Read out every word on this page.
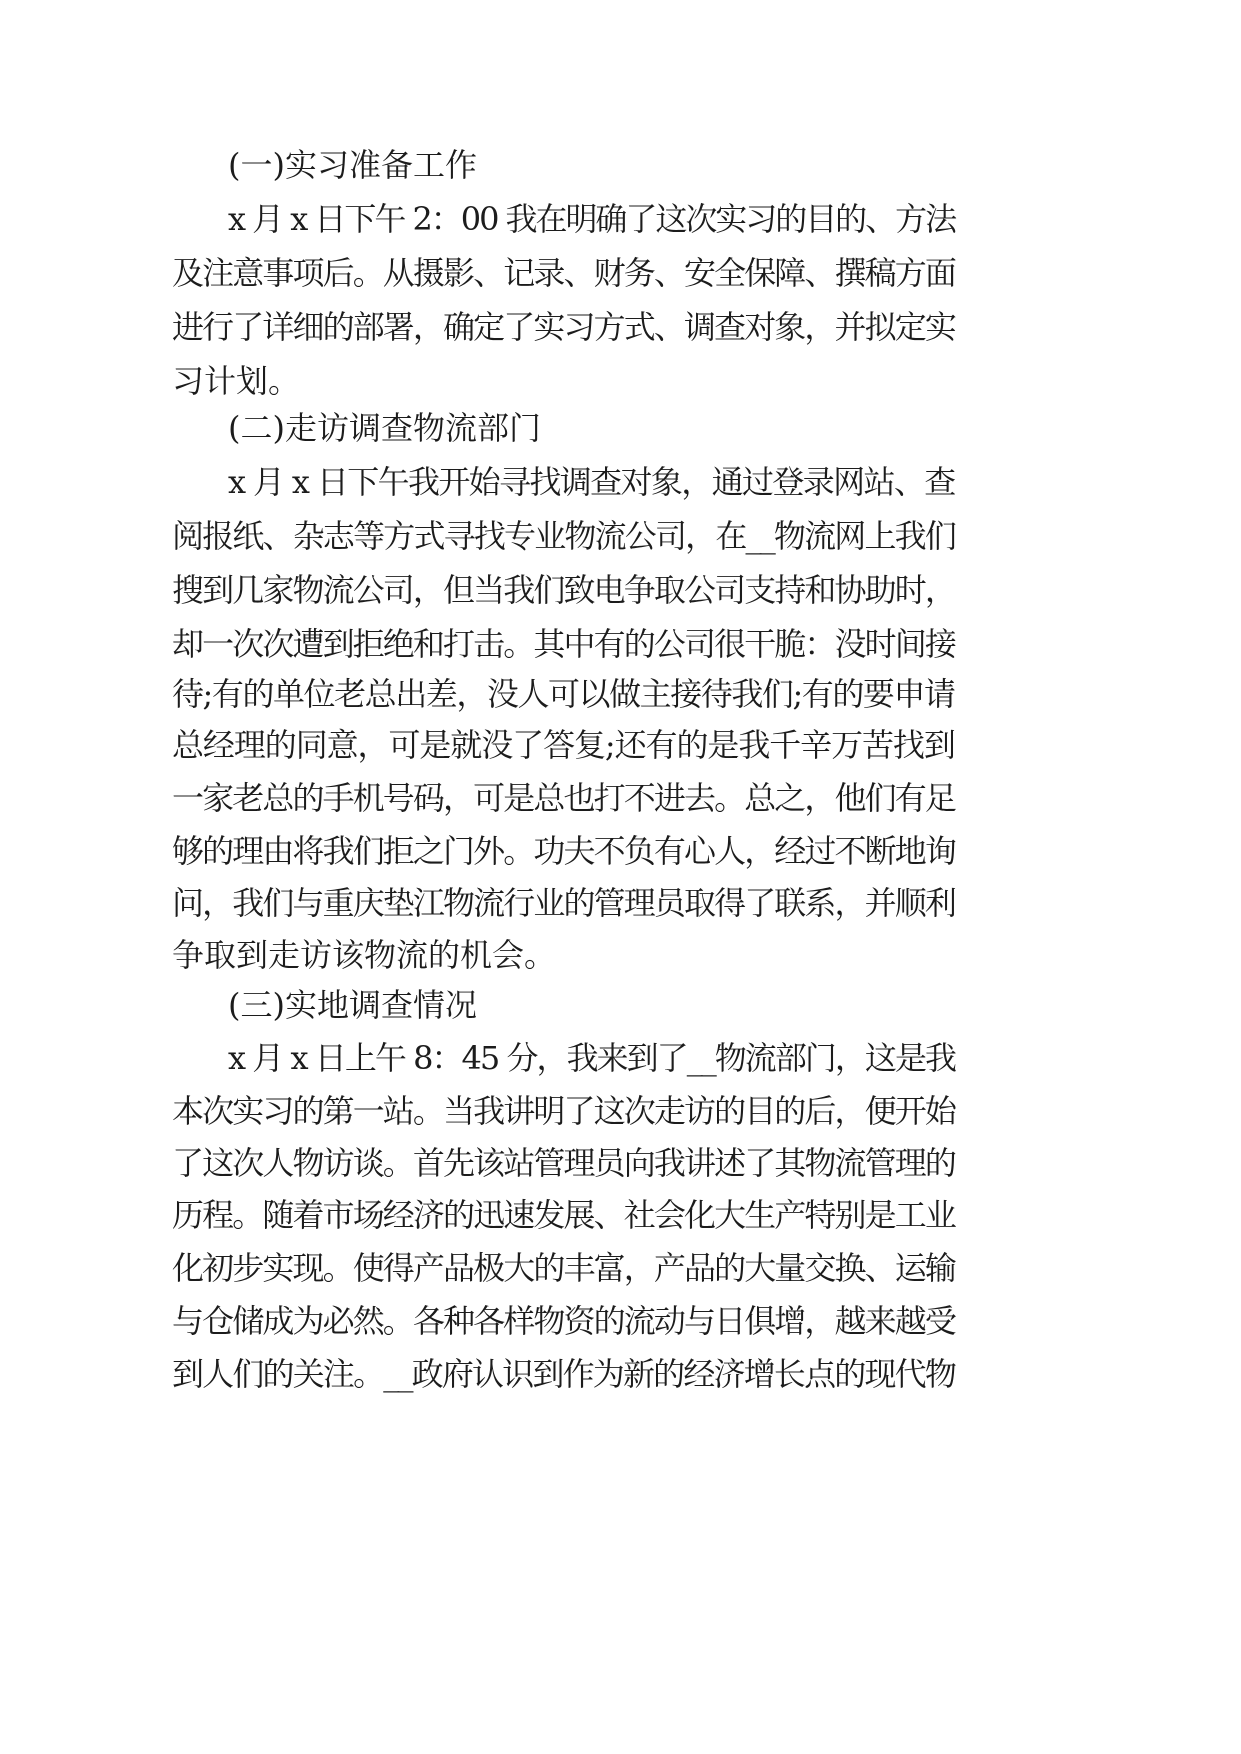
(一)实习准备工作

x 月 x 日下午 2：00 我在明确了这次实习的目的、方法

及注意事项后。从摄影、记录、财务、安全保障、撰稿方面

进行了详细的部署，确定了实习方式、调查对象，并拟定实

习计划。

(二)走访调查物流部门

x 月 x 日下午我开始寻找调查对象，通过登录网站、查

阅报纸、杂志等方式寻找专业物流公司，在__物流网上我们

搜到几家物流公司，但当我们致电争取公司支持和协助时，

却一次次遭到拒绝和打击。其中有的公司很干脆：没时间接

待;有的单位老总出差，没人可以做主接待我们;有的要申请

总经理的同意，可是就没了答复;还有的是我千辛万苦找到

一家老总的手机号码，可是总也打不进去。总之，他们有足

够的理由将我们拒之门外。功夫不负有心人，经过不断地询

问，我们与重庆垫江物流行业的管理员取得了联系，并顺利

争取到走访该物流的机会。

(三)实地调查情况

x 月 x 日上午 8：45 分，我来到了__物流部门，这是我

本次实习的第一站。当我讲明了这次走访的目的后，便开始

了这次人物访谈。首先该站管理员向我讲述了其物流管理的

历程。随着市场经济的迅速发展、社会化大生产特别是工业

化初步实现。使得产品极大的丰富，产品的大量交换、运输

与仓储成为必然。各种各样物资的流动与日俱增，越来越受

到人们的关注。__政府认识到作为新的经济增长点的现代物
